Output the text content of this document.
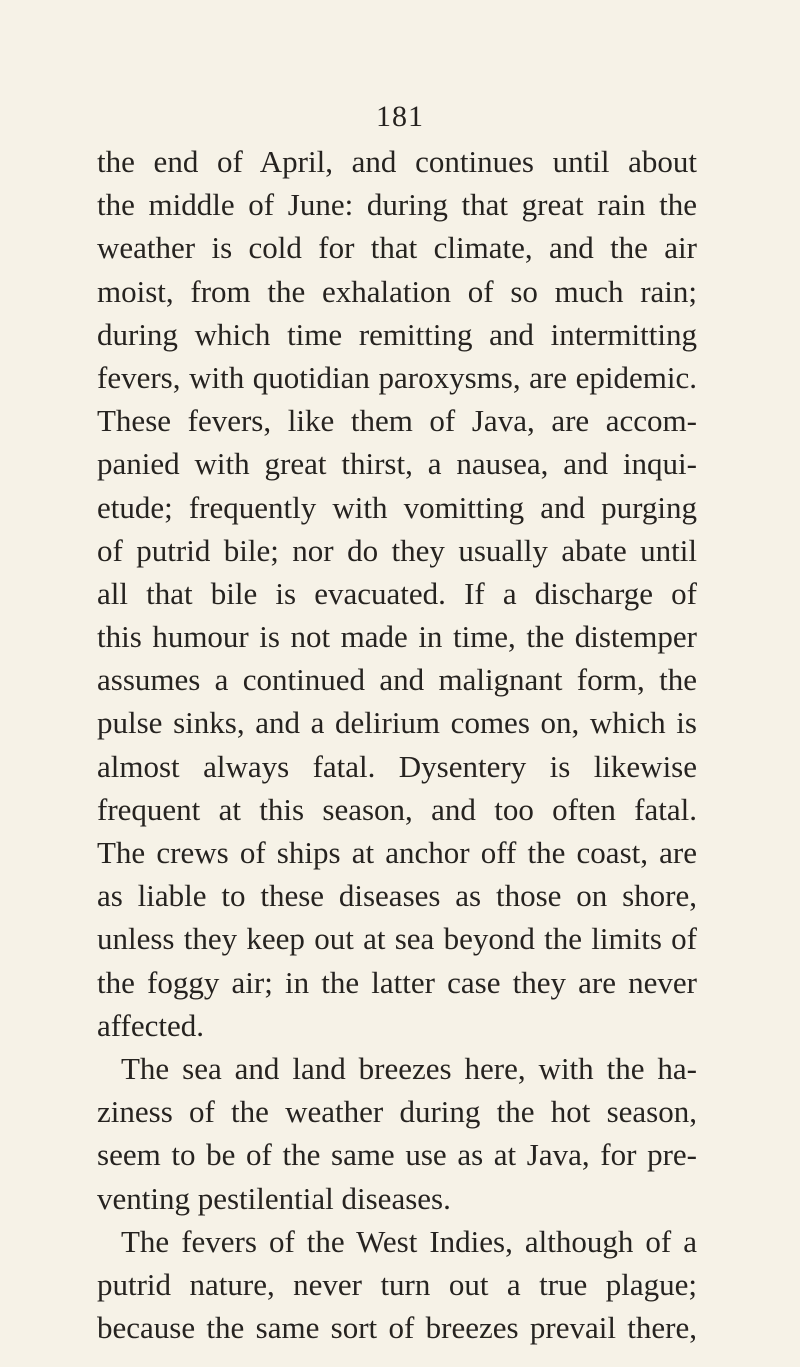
181
the end of April, and continues until about
the middle of June: during that great rain the
weather is cold for that climate, and the air
moist, from the exhalation of so much rain;
during which time remitting and intermitting
fevers, with quotidian paroxysms, are epidemic.
These fevers, like them of Java, are accom-
panied with great thirst, a nausea, and inqui-
etude; frequently with vomitting and purging
of putrid bile; nor do they usually abate until
all that bile is evacuated. If a discharge of
this humour is not made in time, the distemper
assumes a continued and malignant form, the
pulse sinks, and a delirium comes on, which is
almost always fatal. Dysentery is likewise
frequent at this season, and too often fatal.
The crews of ships at anchor off the coast, are
as liable to these diseases as those on shore,
unless they keep out at sea beyond the limits of
the foggy air; in the latter case they are never
affected.
The sea and land breezes here, with the ha-
ziness of the weather during the hot season,
seem to be of the same use as at Java, for pre-
venting pestilential diseases.
The fevers of the West Indies, although of a
putrid nature, never turn out a true plague;
because the same sort of breezes prevail there,
